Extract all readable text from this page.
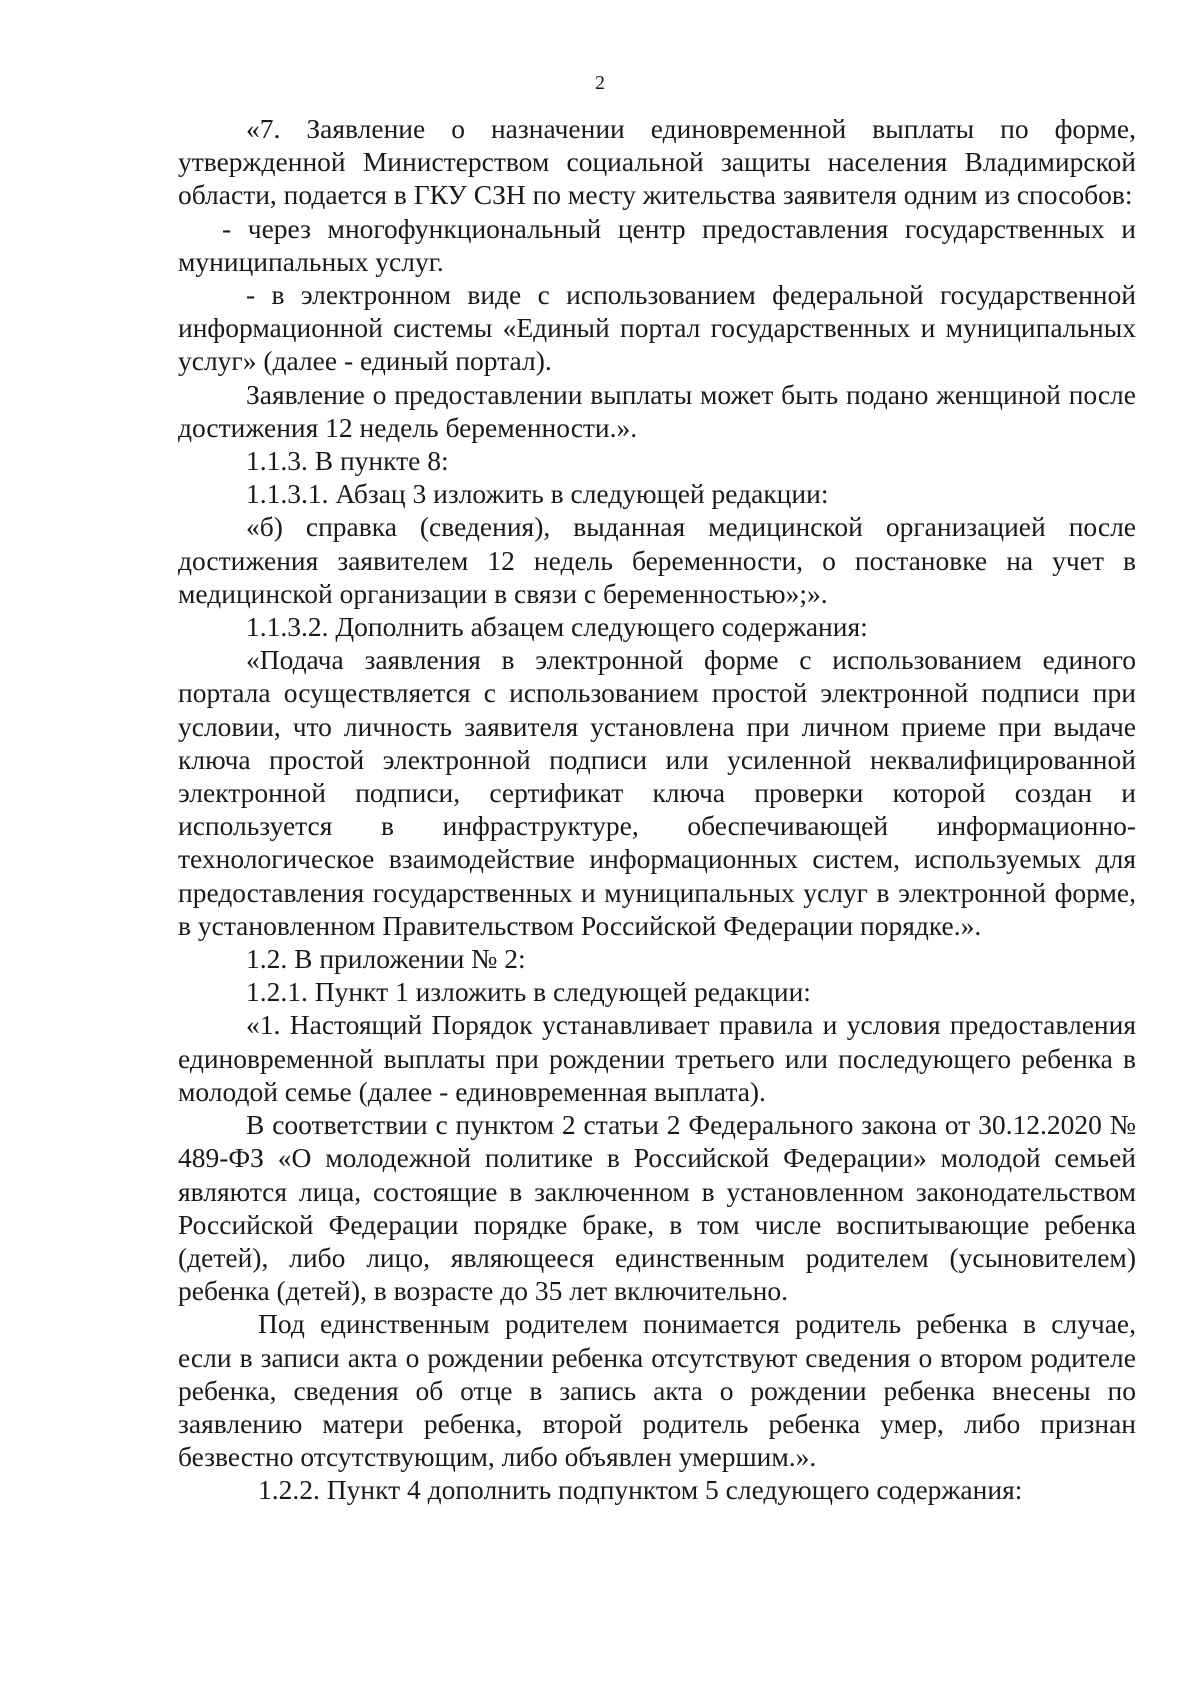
2

«7. Заявление о назначении единовременной выплаты по форме, утвержденной Министерством социальной защиты населения Владимирской области, подается в ГКУ СЗН по месту жительства заявителя одним из способов:

- через многофункциональный центр предоставления государственных и муниципальных услуг.

- в электронном виде с использованием федеральной государственной информационной системы «Единый портал государственных и муниципальных услуг» (далее - единый портал).

Заявление о предоставлении выплаты может быть подано женщиной после достижения 12 недель беременности.».

1.1.3. В пункте 8:

1.1.3.1. Абзац 3 изложить в следующей редакции:

«б) справка (сведения), выданная медицинской организацией после достижения заявителем 12 недель беременности, о постановке на учет в медицинской организации в связи с беременностью»;».

1.1.3.2. Дополнить абзацем следующего содержания:

«Подача заявления в электронной форме с использованием единого портала осуществляется с использованием простой электронной подписи при условии, что личность заявителя установлена при личном приеме при выдаче ключа простой электронной подписи или усиленной неквалифицированной электронной подписи, сертификат ключа проверки которой создан и используется в инфраструктуре, обеспечивающей информационно-технологическое взаимодействие информационных систем, используемых для предоставления государственных и муниципальных услуг в электронной форме, в установленном Правительством Российской Федерации порядке.».

1.2. В приложении № 2:

1.2.1. Пункт 1 изложить в следующей редакции:

«1. Настоящий Порядок устанавливает правила и условия предоставления единовременной выплаты при рождении третьего или последующего ребенка в молодой семье (далее - единовременная выплата).

В соответствии с пунктом 2 статьи 2 Федерального закона от 30.12.2020 № 489-ФЗ «О молодежной политике в Российской Федерации» молодой семьей являются лица, состоящие в заключенном в установленном законодательством Российской Федерации порядке браке, в том числе воспитывающие ребенка (детей), либо лицо, являющееся единственным родителем (усыновителем) ребенка (детей), в возрасте до 35 лет включительно.

Под единственным родителем понимается родитель ребенка в случае, если в записи акта о рождении ребенка отсутствуют сведения о втором родителе ребенка, сведения об отце в запись акта о рождении ребенка внесены по заявлению матери ребенка, второй родитель ребенка умер, либо признан безвестно отсутствующим, либо объявлен умершим.».

1.2.2. Пункт 4 дополнить подпунктом 5 следующего содержания:
